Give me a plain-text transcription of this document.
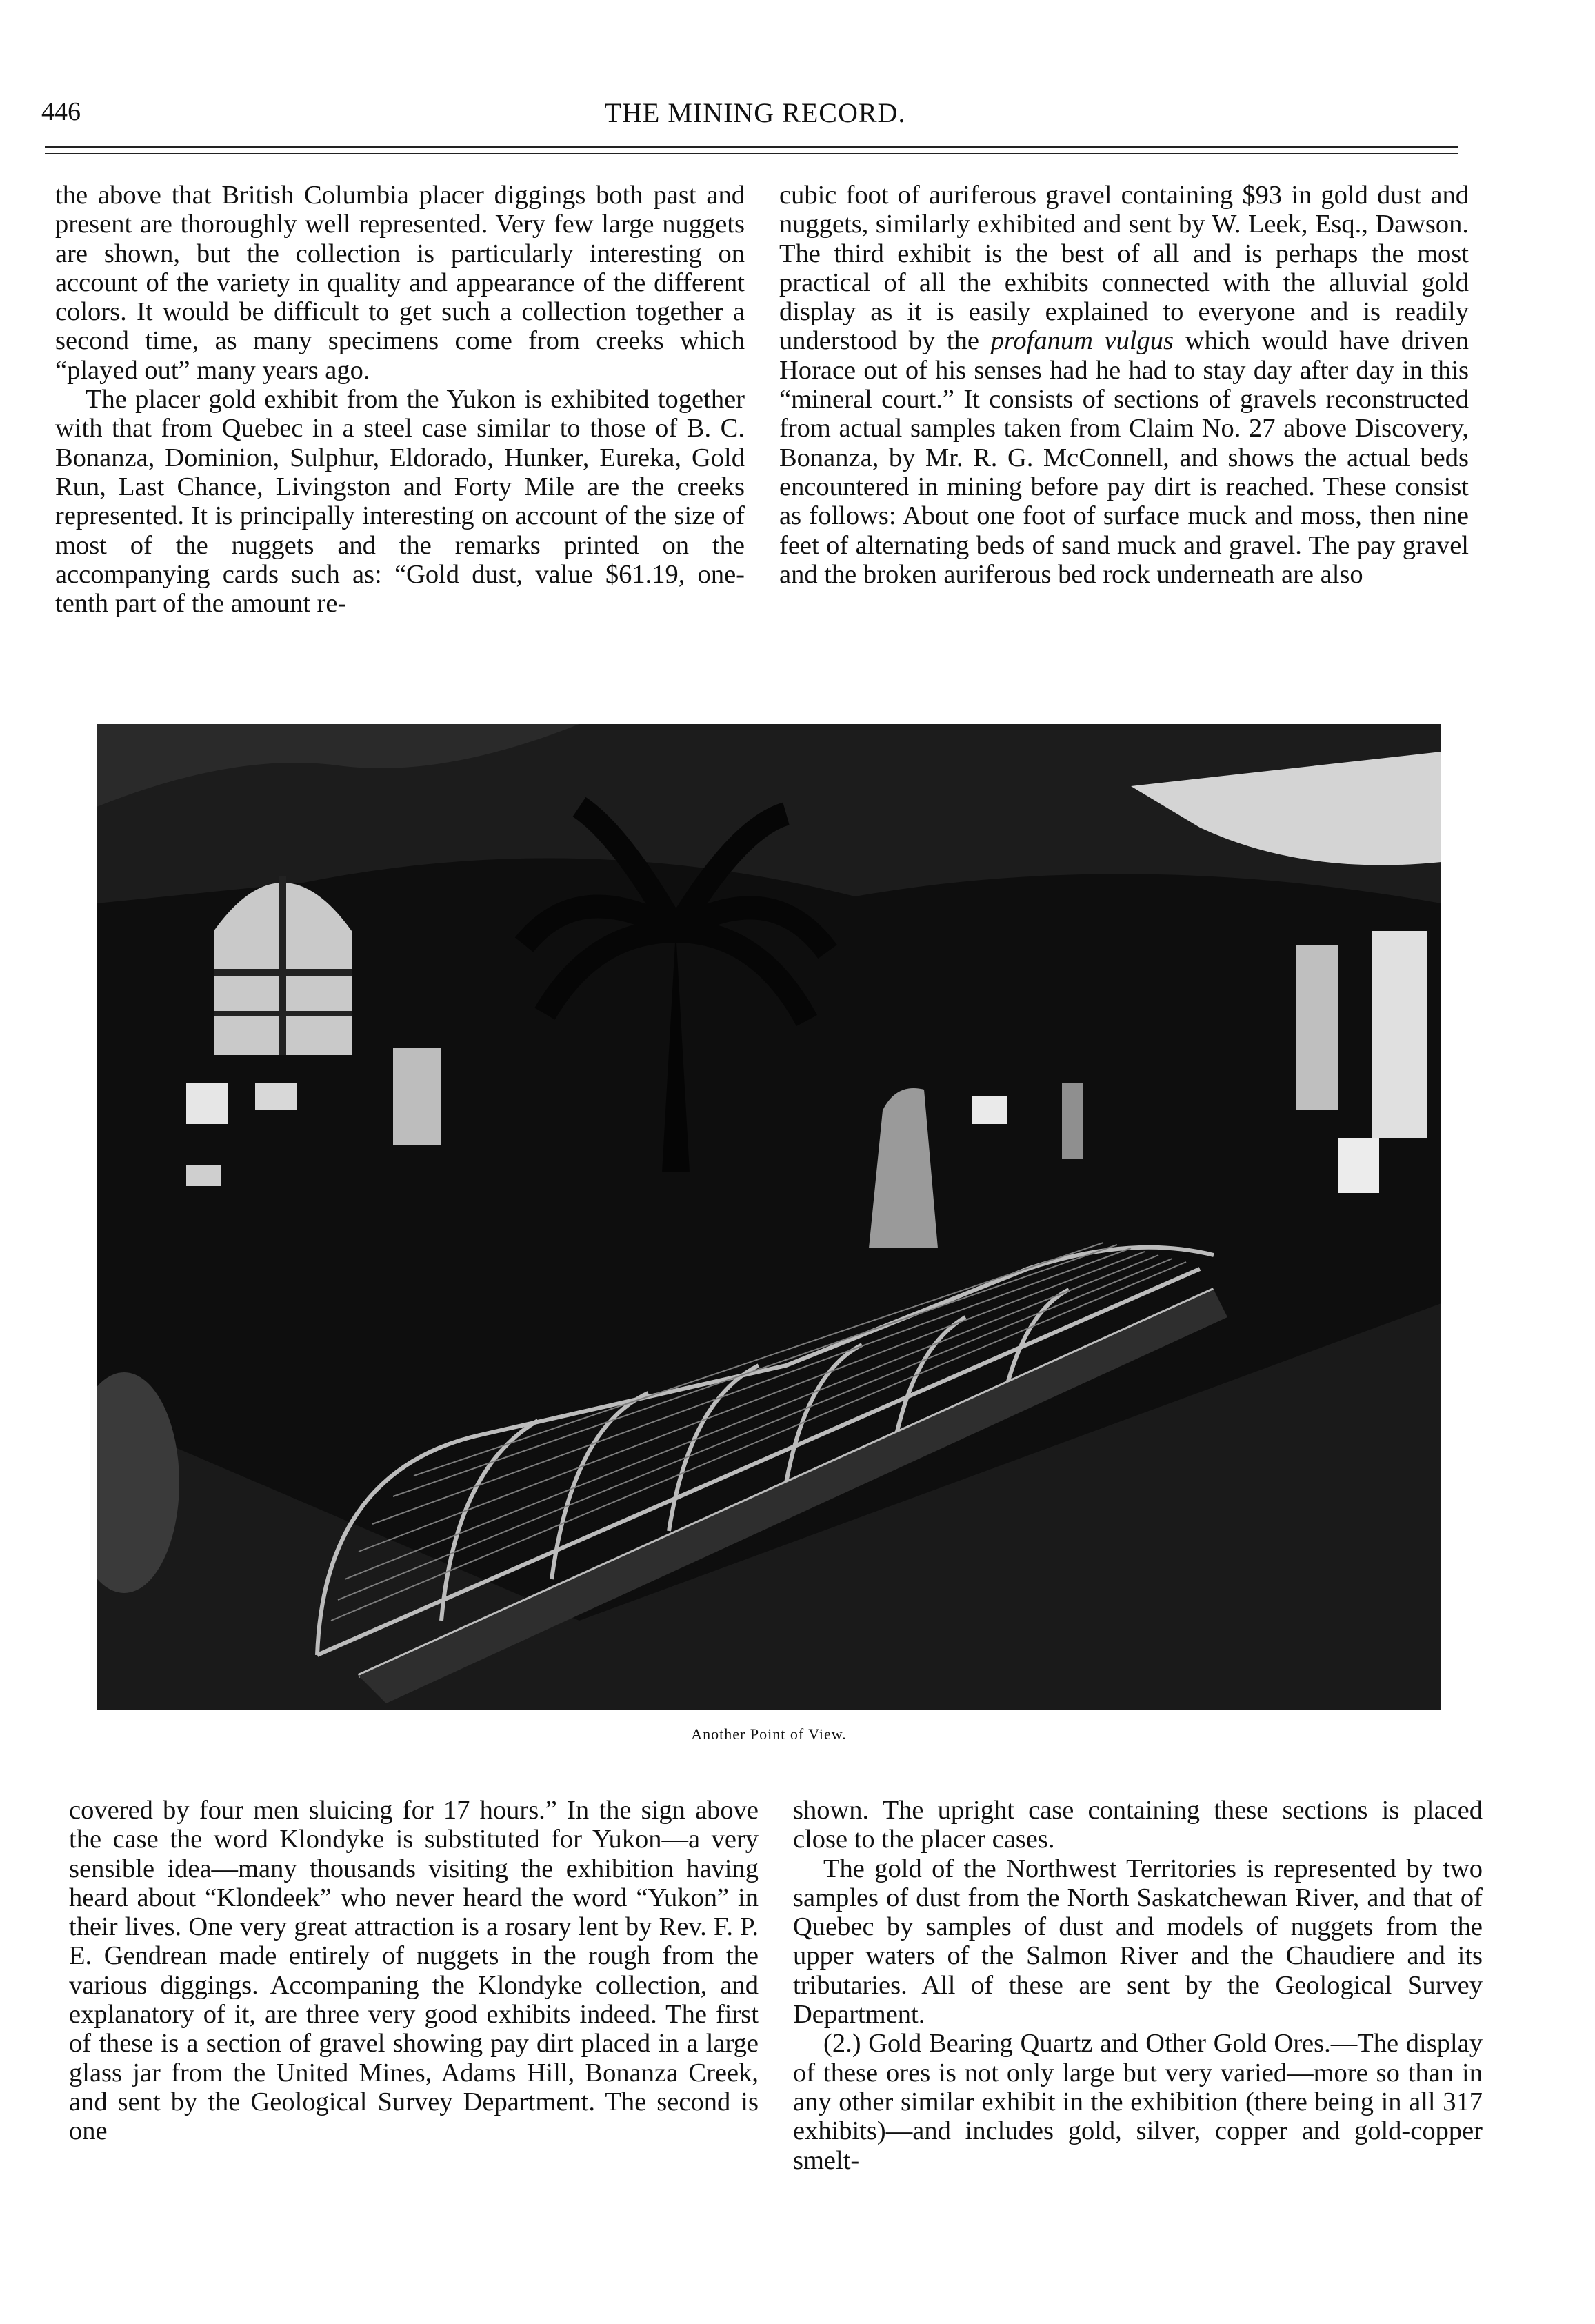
446	THE MINING RECORD.

the above that British Columbia placer diggings both past and present are thoroughly well represented. Very few large nuggets are shown, but the collection is particularly interesting on account of the variety in quality and appearance of the different colors. It would be difficult to get such a collection together a second time, as many specimens come from creeks which “played out” many years ago.

The placer gold exhibit from the Yukon is exhibited together with that from Quebec in a steel case similar to those of B. C. Bonanza, Dominion, Sulphur, Eldorado, Hunker, Eureka, Gold Run, Last Chance, Livingston and Forty Mile are the creeks represented. It is principally interesting on account of the size of most of the nuggets and the remarks printed on the accompanying cards such as: “Gold dust, value $61.19, one-tenth part of the amount re-

cubic foot of auriferous gravel containing $93 in gold dust and nuggets, similarly exhibited and sent by W. Leek, Esq., Dawson. The third exhibit is the best of all and is perhaps the most practical of all the exhibits connected with the alluvial gold display as it is easily explained to everyone and is readily understood by the profanum vulgus which would have driven Horace out of his senses had he had to stay day after day in this “mineral court.” It consists of sections of gravels reconstructed from actual samples taken from Claim No. 27 above Discovery, Bonanza, by Mr. R. G. McConnell, and shows the actual beds encountered in mining before pay dirt is reached. These consist as follows: About one foot of surface muck and moss, then nine feet of alternating beds of sand muck and gravel. The pay gravel and the broken auriferous bed rock underneath are also

Another Point of View.

covered by four men sluicing for 17 hours.” In the sign above the case the word Klondyke is substituted for Yukon—a very sensible idea—many thousands visiting the exhibition having heard about “Klondeek” who never heard the word “Yukon” in their lives. One very great attraction is a rosary lent by Rev. F. P. E. Gendrean made entirely of nuggets in the rough from the various diggings. Accompaning the Klondyke collection, and explanatory of it, are three very good exhibits indeed. The first of these is a section of gravel showing pay dirt placed in a large glass jar from the United Mines, Adams Hill, Bonanza Creek, and sent by the Geological Survey Department. The second is one

shown. The upright case containing these sections is placed close to the placer cases.

The gold of the Northwest Territories is represented by two samples of dust from the North Saskatchewan River, and that of Quebec by samples of dust and models of nuggets from the upper waters of the Salmon River and the Chaudiere and its tributaries. All of these are sent by the Geological Survey Department.

(2.) Gold Bearing Quartz and Other Gold Ores.—The display of these ores is not only large but very varied—more so than in any other similar exhibit in the exhibition (there being in all 317 exhibits)—and includes gold, silver, copper and gold-copper smelt-
